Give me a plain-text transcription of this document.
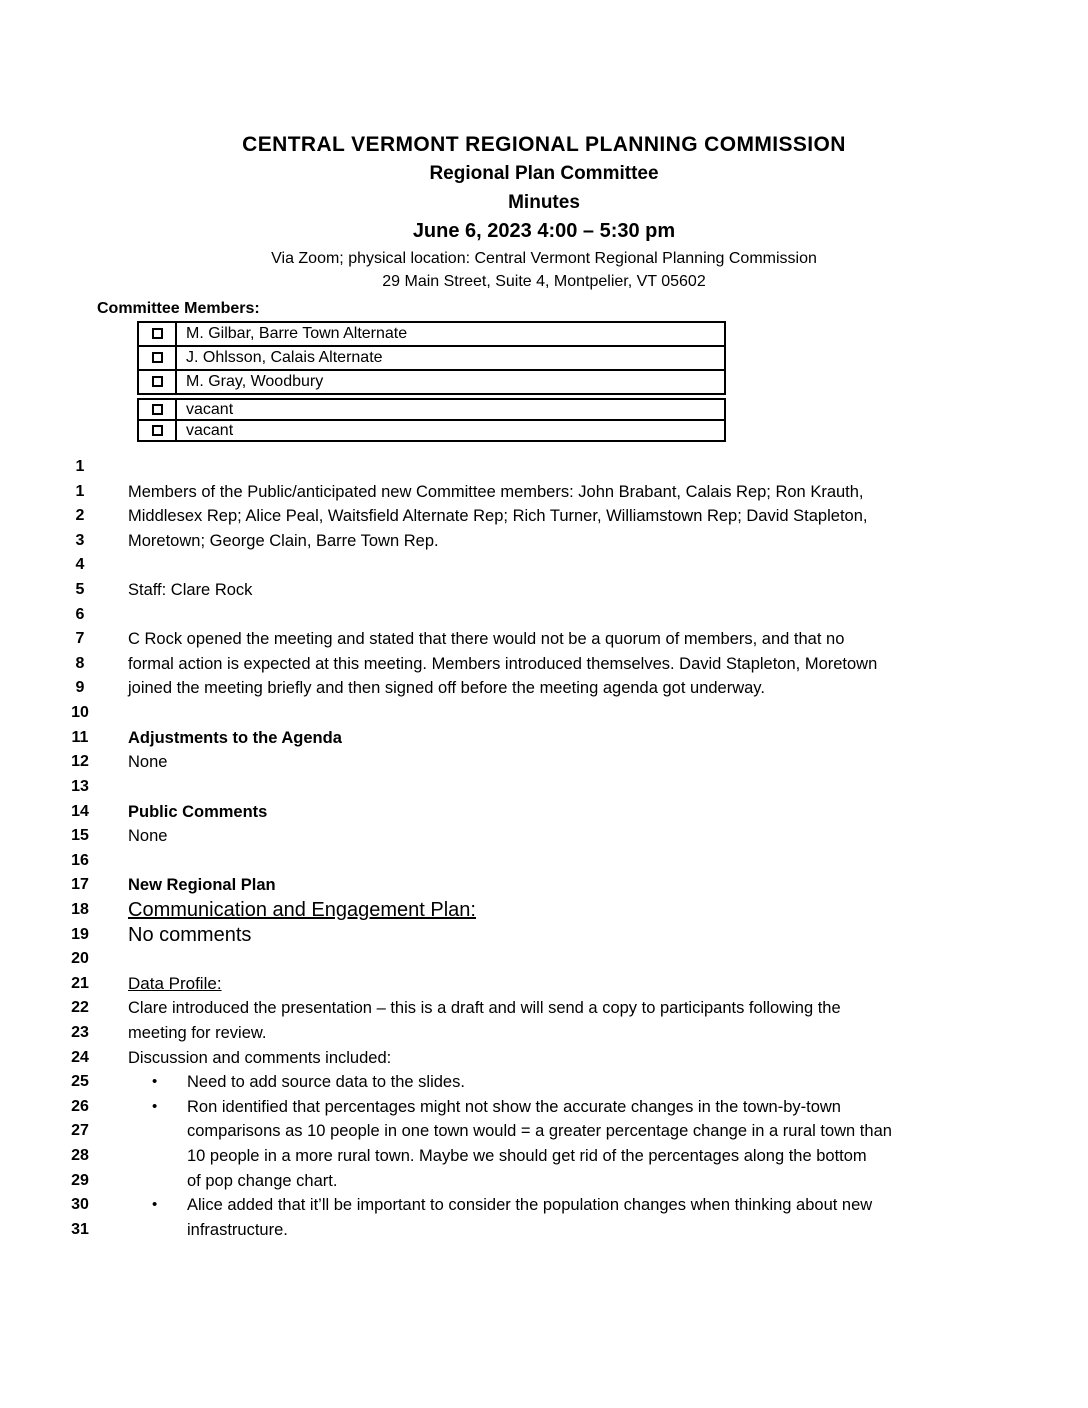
CENTRAL VERMONT REGIONAL PLANNING COMMISSION
Regional Plan Committee
Minutes
June 6, 2023 4:00 – 5:30 pm
Via Zoom; physical location: Central Vermont Regional Planning Commission
29 Main Street, Suite 4, Montpelier, VT 05602
Committee Members:
	M. Gilbar, Barre Town Alternate
	J. Ohlsson, Calais Alternate
	M. Gray, Woodbury
	vacant
	vacant
1
1	Members of the Public/anticipated new Committee members: John Brabant, Calais Rep; Ron Krauth,
2	Middlesex Rep; Alice Peal, Waitsfield Alternate Rep; Rich Turner, Williamstown Rep; David Stapleton,
3	Moretown; George Clain, Barre Town Rep.
4
5	Staff: Clare Rock
6
7	C Rock opened the meeting and stated that there would not be a quorum of members, and that no
8	formal action is expected at this meeting. Members introduced themselves. David Stapleton, Moretown
9	joined the meeting briefly and then signed off before the meeting agenda got underway.
10
11	Adjustments to the Agenda
12	None
13
14	Public Comments
15	None
16
17	New Regional Plan
18	Communication and Engagement Plan:
19	No comments
20
21	Data Profile:
22	Clare introduced the presentation – this is a draft and will send a copy to participants following the
23	meeting for review.
24	Discussion and comments included:
25	• Need to add source data to the slides.
26	• Ron identified that percentages might not show the accurate changes in the town-by-town
27	comparisons as 10 people in one town would = a greater percentage change in a rural town than
28	10 people in a more rural town. Maybe we should get rid of the percentages along the bottom
29	of pop change chart.
30	• Alice added that it’ll be important to consider the population changes when thinking about new
31	infrastructure.
